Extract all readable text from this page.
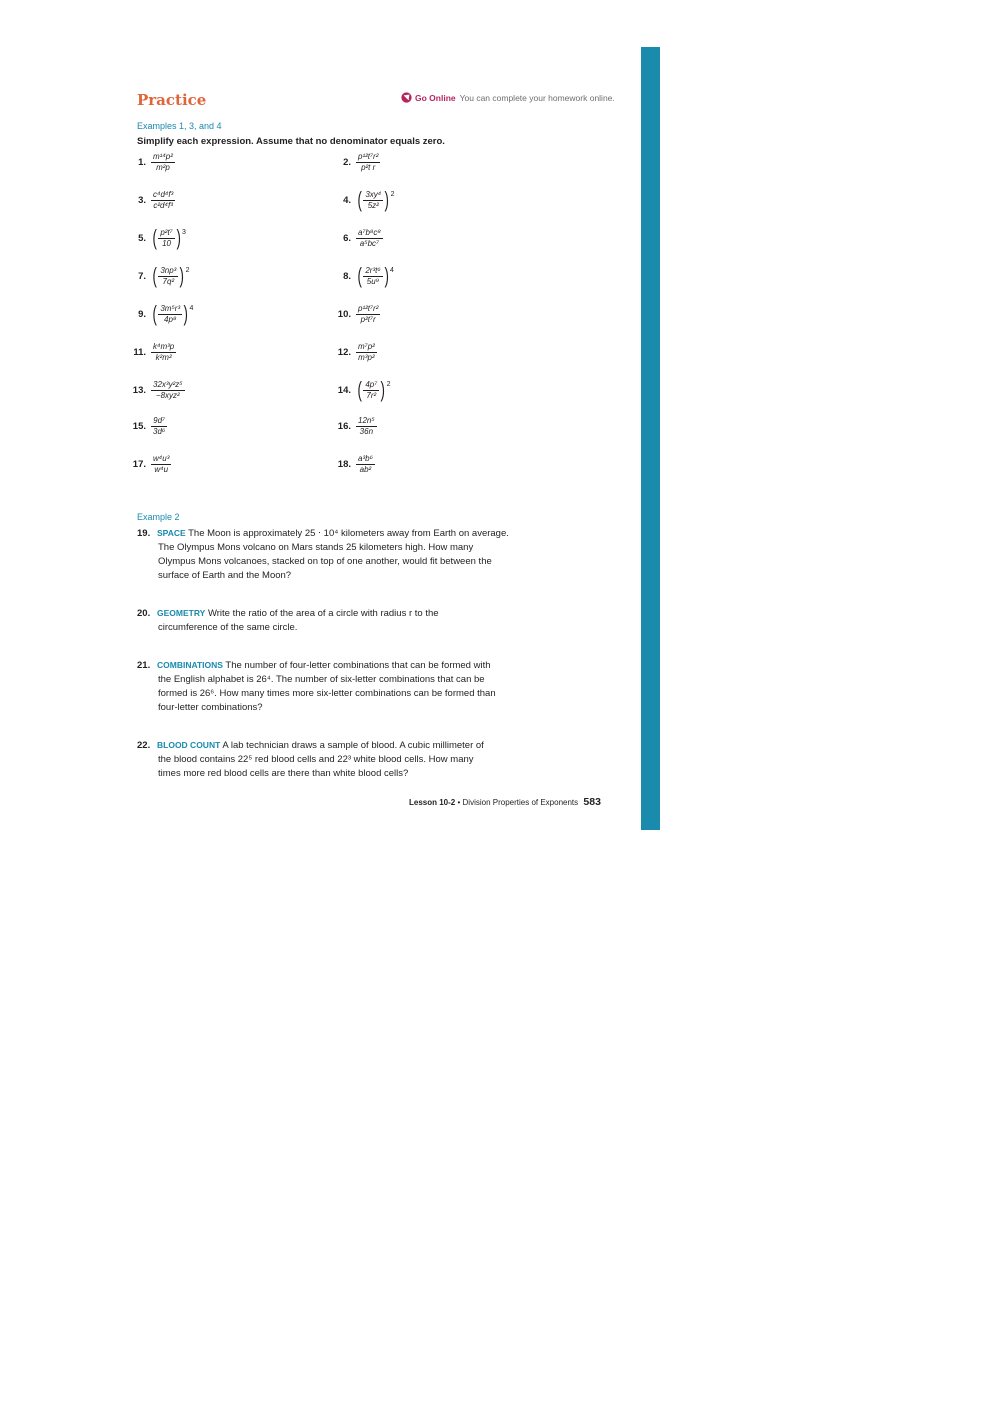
Practice	Go Online You can complete your homework online.
Examples 1, 3, and 4
Simplify each expression. Assume that no denominator equals zero.
1. $\frac{\text{m¹⁴p²}}{\text{m²p}}$	2. $\frac{\text{p¹²t⁷r²}}{\text{p²t r}}$
3. $\frac{\text{c⁴d⁴f³}}{\text{c²d⁴f³}}$	4. ( $\frac{\text{3xy⁴}}{\text{5z²}} )^2$
5. ( $\frac{\text{p²t⁷}}{10} )^3$	6. $\frac{\text{a⁷b⁸c⁸}}{\text{a⁵bc⁷}}$
7. ( $\frac{\text{3np³}}{\text{7q²}} )^2$	8. ( $\frac{\text{2r³t⁶}}{\text{5u⁹}} )^4$
9. ( $\frac{\text{3m⁵r³}}{\text{4p⁸}} )^4$	10. $\frac{\text{p¹²t⁷r²}}{\text{p²t⁷r}}$
11. $\frac{\text{k⁴m³p}}{\text{k²m²}}$	12. $\frac{\text{m⁷p²}}{\text{m³p²}}$
13. $\frac{\text{32x³y²z⁵}}{\text{−8xyz²}}$	14. ( $\frac{\text{4p⁷}}{\text{7r²}} )^2$
15. $\frac{\text{9d⁷}}{\text{3d⁶}}$	16. $\frac{\text{12n⁵}}{36n}$
17. $\frac{\text{w⁴u³}}{\text{w⁴u}}$	18. $\frac{\text{a³b⁶}}{\text{ab²}}$
Example 2
19. SPACE The Moon is approximately 25 ⋅ 10⁴ kilometers away from Earth on average.
The Olympus Mons volcano on Mars stands 25 kilometers high. How many
Olympus Mons volcanoes, stacked on top of one another, would fit between the
surface of Earth and the Moon?
20. GEOMETRY Write the ratio of the area of a circle with radius r to the
circumference of the same circle.
21. COMBINATIONS The number of four-letter combinations that can be formed with
the English alphabet is 26⁴. The number of six-letter combinations that can be
formed is 26⁶. How many times more six-letter combinations can be formed than
four-letter combinations?
22. BLOOD COUNT A lab technician draws a sample of blood. A cubic millimeter of
the blood contains 22⁵ red blood cells and 22³ white blood cells. How many
times more red blood cells are there than white blood cells?
Lesson 10-2 • Division Properties of Exponents 583
